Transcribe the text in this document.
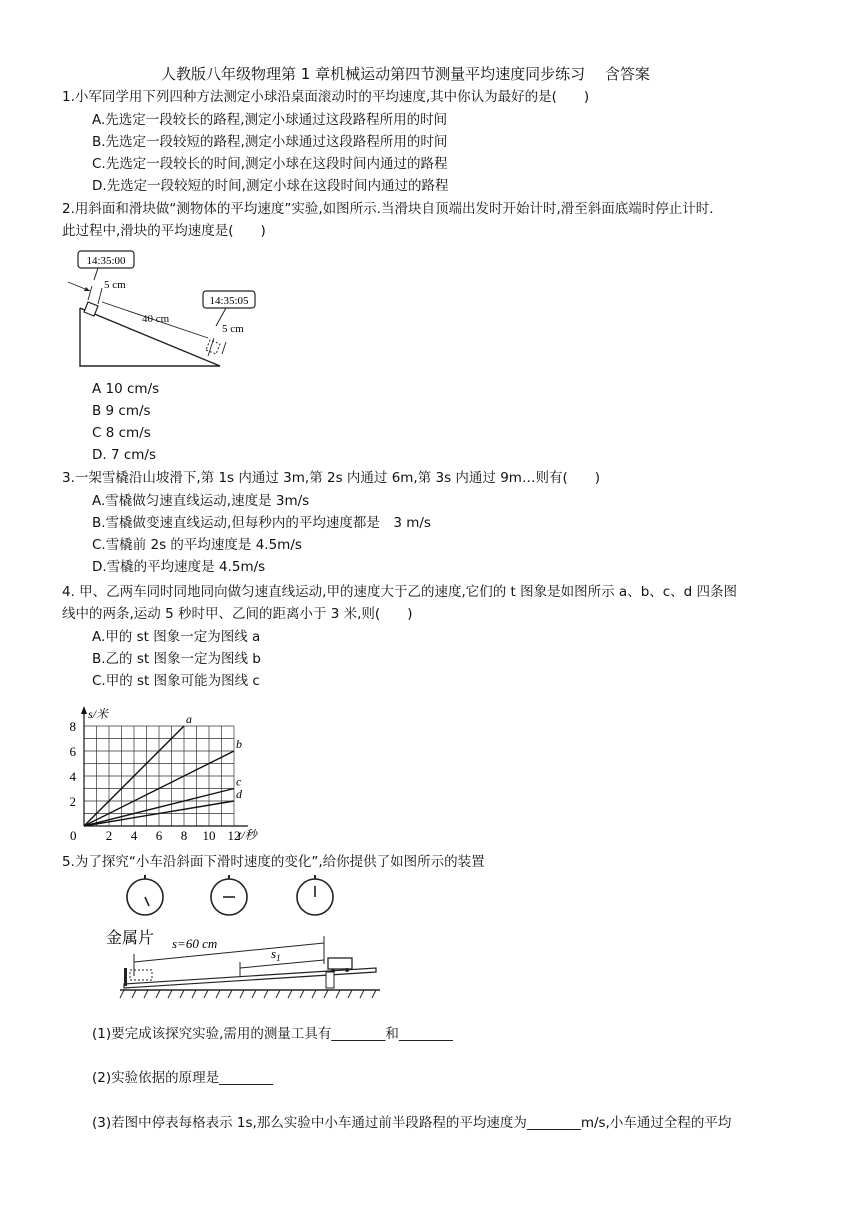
人教版八年级物理第 1 章机械运动第四节测量平均速度同步练习　 含答案
1.小军同学用下列四种方法测定小球沿桌面滚动时的平均速度,其中你认为最好的是(　　)
A.先选定一段较长的路程,测定小球通过这段路程所用的时间
B.先选定一段较短的路程,测定小球通过这段路程所用的时间
C.先选定一段较长的时间,测定小球在这段时间内通过的路程
D.先选定一段较短的时间,测定小球在这段时间内通过的路程
2.用斜面和滑块做“测物体的平均速度”实验,如图所示.当滑块自顶端出发时开始计时,滑至斜面底端时停止计时.
此过程中,滑块的平均速度是(　　)
14:35:00
14:35:05
5 cm
5 cm
40 cm
A 10 cm/s
B 9 cm/s
C 8 cm/s
D. 7 cm/s
3.一架雪橇沿山坡滑下,第 1s 内通过 3m,第 2s 内通过 6m,第 3s 内通过 9m…则有(　　)
A.雪橇做匀速直线运动,速度是 3m/s
B.雪橇做变速直线运动,但每秒内的平均速度都是　3 m/s
C.雪橇前 2s 的平均速度是 4.5m/s
D.雪橇的平均速度是 4.5m/s
4. 甲、乙两车同时同地同向做匀速直线运动,甲的速度大于乙的速度,它们的 t 图象是如图所示 a、b、c、d 四条图
线中的两条,运动 5 秒时甲、乙间的距离小于 3 米,则(　　)
A.甲的 st 图象一定为图线 a
B.乙的 st 图象一定为图线 b
C.甲的 st 图象可能为图线 c
s/米
t/秒
0 2 4 6 8 10 12
2
4
6
8	a
b
c
d
5.为了探究“小车沿斜面下滑时速度的变化”,给你提供了如图所示的装置
金属片 s=60 cm
$s_1$
(1)要完成该探究实验,需用的测量工具有________和________
(2)实验依据的原理是________
(3)若图中停表每格表示 1s,那么实验中小车通过前半段路程的平均速度为________m/s,小车通过全程的平均
